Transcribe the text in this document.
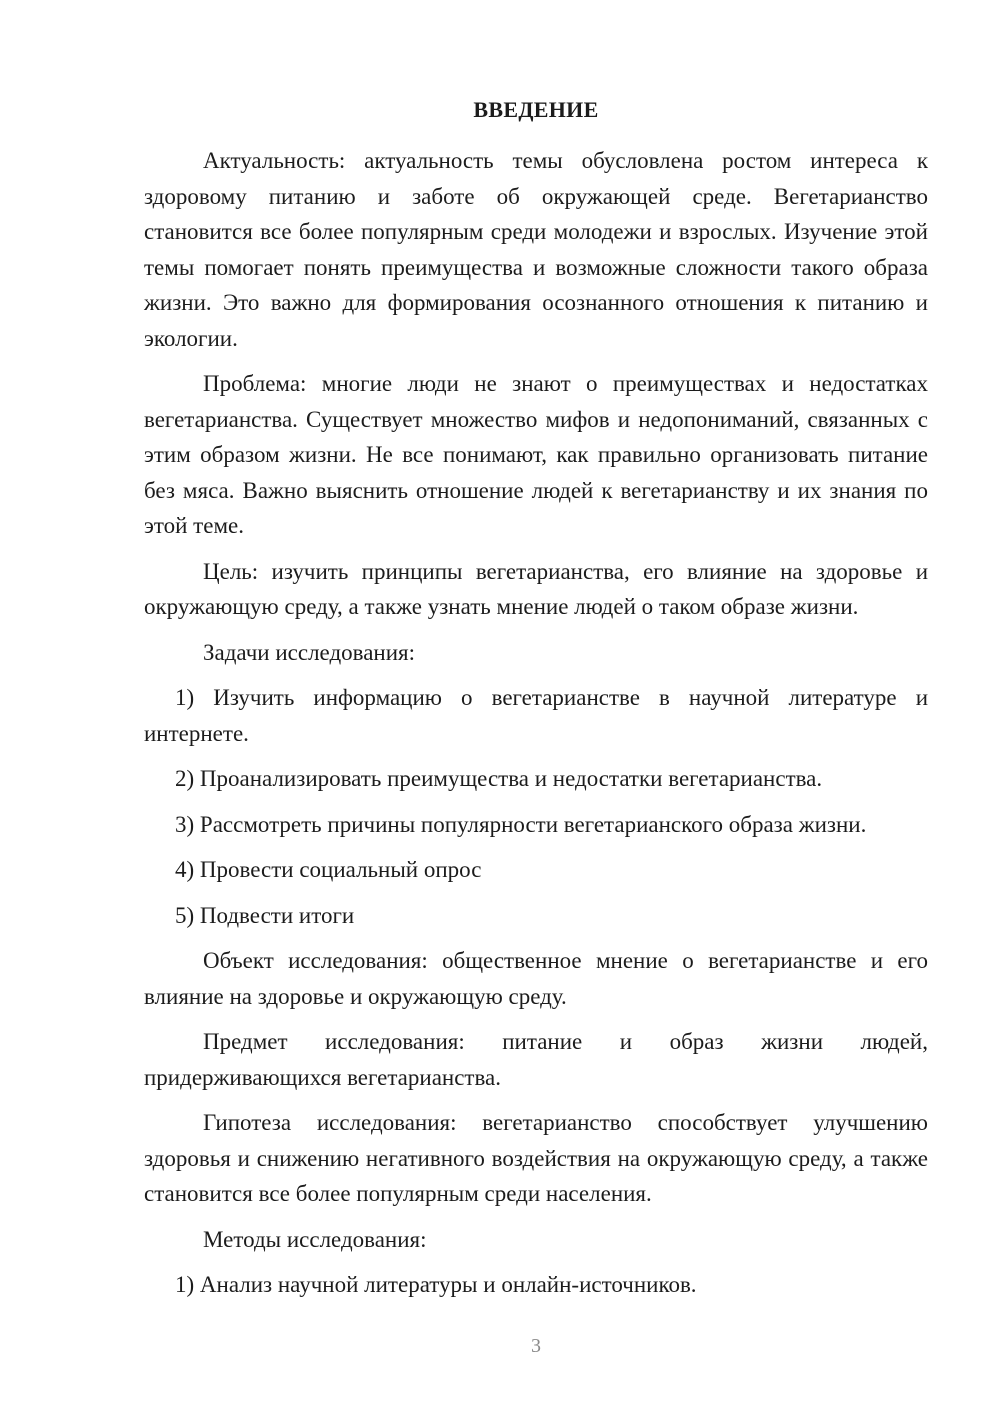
ВВЕДЕНИЕ

Актуальность: актуальность темы обусловлена ростом интереса к здоровому питанию и заботе об окружающей среде. Вегетарианство становится все более популярным среди молодежи и взрослых. Изучение этой темы помогает понять преимущества и возможные сложности такого образа жизни. Это важно для формирования осознанного отношения к питанию и экологии.

Проблема: многие люди не знают о преимуществах и недостатках вегетарианства. Существует множество мифов и недопониманий, связанных с этим образом жизни. Не все понимают, как правильно организовать питание без мяса. Важно выяснить отношение людей к вегетарианству и их знания по этой теме.

Цель: изучить принципы вегетарианства, его влияние на здоровье и окружающую среду, а также узнать мнение людей о таком образе жизни.

Задачи исследования:

1) Изучить информацию о вегетарианстве в научной литературе и интернете.

2) Проанализировать преимущества и недостатки вегетарианства.

3) Рассмотреть причины популярности вегетарианского образа жизни.

4) Провести социальный опрос

5) Подвести итоги

Объект исследования: общественное мнение о вегетарианстве и его влияние на здоровье и окружающую среду.

Предмет исследования: питание и образ жизни людей, придерживающихся вегетарианства.

Гипотеза исследования: вегетарианство способствует улучшению здоровья и снижению негативного воздействия на окружающую среду, а также становится все более популярным среди населения.

Методы исследования:

1) Анализ научной литературы и онлайн-источников.

3
